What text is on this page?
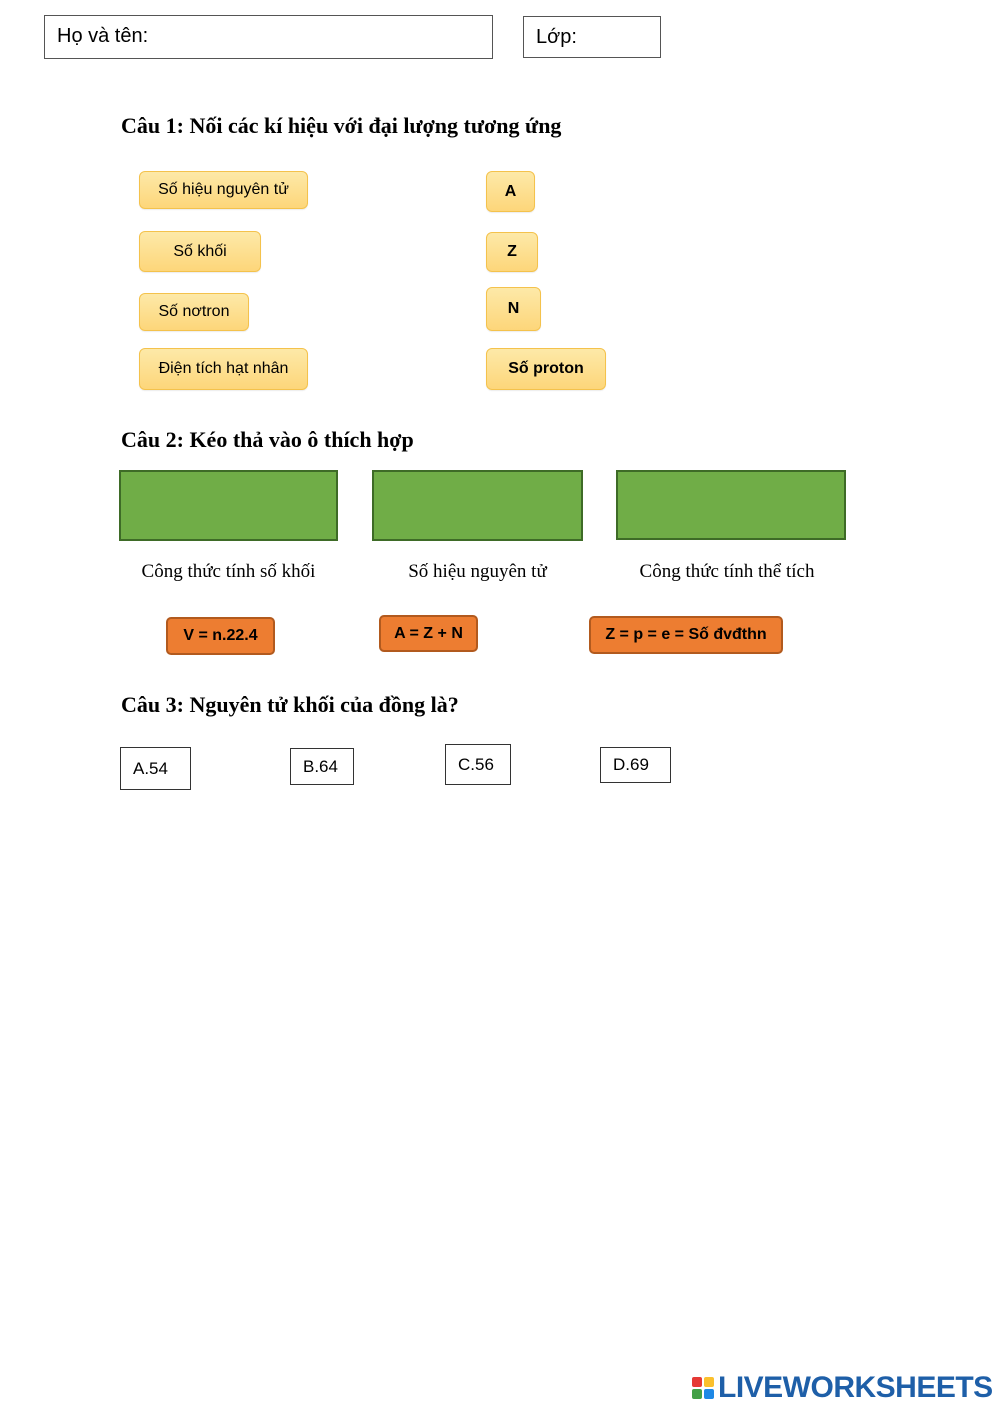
Họ và tên:	Lớp:
Câu 1: Nối các kí hiệu với đại lượng tương ứng
Số hiệu nguyên tử
Số khối
Số nơtron
Điện tích hạt nhân
A
Z
N
Số proton
Câu 2: Kéo thả vào ô thích hợp
Công thức tính số khối	Số hiệu nguyên tử	Công thức tính thể tích
V = n.22.4	A = Z + N	Z = p = e = Số đvđthn
Câu 3: Nguyên tử khối của đồng là?
A.54	B.64	C.56	D.69
LIVEWORKSHEETS
